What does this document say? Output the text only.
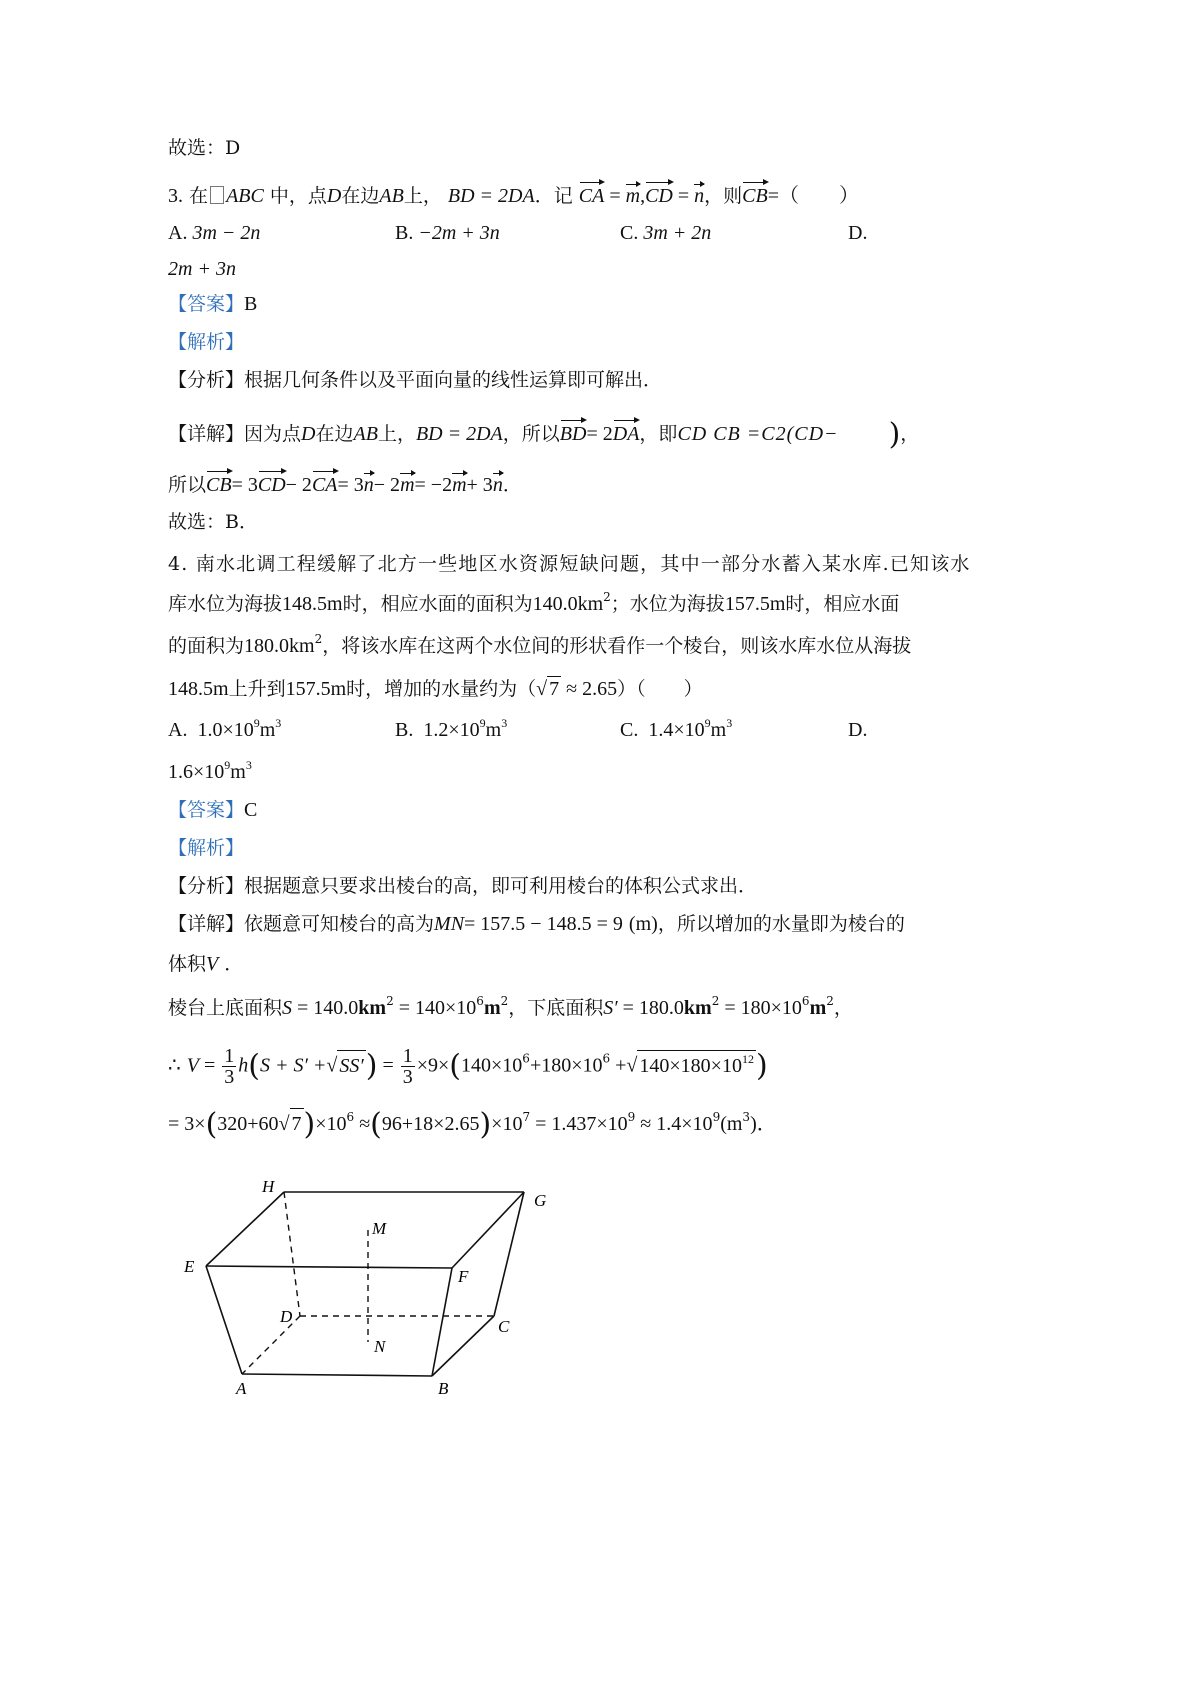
故选：D
3. 在 ABC 中，点D在边AB上， BD = 2DA．记 CA = m,CD = n，则CB=（　　）
A. 3m − 2n	B. −2m + 3n	C. 3m + 2n	D.
2m + 3n
【答案】B
【解析】
【分析】根据几何条件以及平面向量的线性运算即可解出．
【详解】因为点D在边AB上，BD = 2DA，所以BD= 2DA，即CD CB =C2(CD− )，
所以CB= 3CD− 2CA= 3n− 2m= −2m+ 3n．
故选：B．
4. 南水北调工程缓解了北方一些地区水资源短缺问题，其中一部分水蓄入某水库.已知该水
库水位为海拔148.5m时，相应水面的面积为$140.0km^2$；水位为海拔157.5m时，相应水面
的面积为$180.0km^2$，将该水库在这两个水位间的形状看作一个棱台，则该水库水位从海拔
148.5m上升到157.5m时，增加的水量约为（√ 7 ≈ 2.65）（　　）
A. $1.0\times 10^9m^3$	B. $1.2\times 10^9m^3$	C. $1.4\times 10^9m^3$	D.
$1.6\times 10^9m^3$
【答案】C
【解析】
【分析】根据题意只要求出棱台的高，即可利用棱台的体积公式求出．
【详解】依题意可知棱台的高为MN= 157.5 − 148.5 = 9 (m)，所以增加的水量即为棱台的
体积V ．
棱台上底面积$S = 140.0km^2 = 140\times 10^6m^2$，下底面积$S' = 180.0km^2 = 180\times 10^6m^2$，
∴ $V = \frac{1}{3} h(S + S'$ +√ $SS') = \frac{1}{3} \times 9\times(140\times 10^6+180\times 10^6$ +√ $140\times 180\times 10^{12}$)
= 3×(320+60√ $7)\times 10^6 \approx(96+18\times 2.65)\times 10^7 = 1.437\times 10^9 \approx 1.4\times 10^9(m^3)$．
H
G
M
E
F
D
C
N
A	B
